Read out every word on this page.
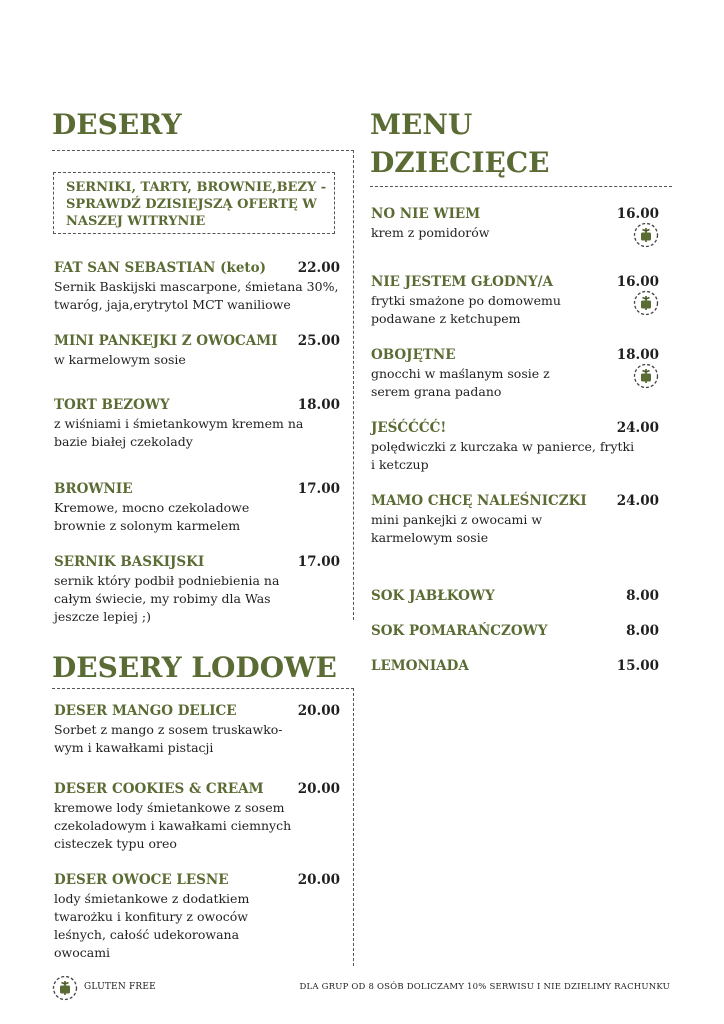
DESERY
SERNIKI, TARTY, BROWNIE,BEZY - SPRAWDŹ DZISIEJSZĄ OFERTĘ W NASZEJ WITRYNIE
FAT SAN SEBASTIAN (keto) 22.00
Sernik Baskijski mascarpone, śmietana 30%, twaróg, jaja,erytrytol MCT waniliowe
MINI PANKEJKI Z OWOCAMI 25.00
w karmelowym sosie
TORT BEZOWY	18.00
z wiśniami i śmietankowym kremem na bazie białej czekolady
BROWNIE	17.00
Kremowe, mocno czekoladowe brownie z solonym karmelem
SERNIK BASKIJSKI	17.00
sernik który podbił podniebienia na całym świecie, my robimy dla Was jeszcze lepiej ;)
DESERY LODOWE
DESER MANGO DELICE	20.00
Sorbet z mango z sosem truskawko-wym i kawałkami pistacji
DESER COOKIES & CREAM	20.00
kremowe lody śmietankowe z sosem czekoladowym i kawałkami ciemnych cisteczek typu oreo
DESER OWOCE LESNE	20.00
lody śmietankowe z dodatkiem twarożku i konfitury z owoców leśnych, całość udekorowana owocami
MENU
DZIECIĘCE
NO NIE WIEM	16.00
krem z pomidorów
NIE JESTEM GŁODNY/A	16.00
frytki smażone po domowemu podawane z ketchupem
OBOJĘTNE	18.00
gnocchi w maślanym sosie z serem grana padano
JEŚĆĆĆĆ!	24.00
polędwiczki z kurczaka w panierce, frytki i ketczup
MAMO CHCĘ NALEŚNICZKI 24.00
mini pankejki z owocami w karmelowym sosie
SOK JABŁKOWY	8.00
SOK POMARAŃCZOWY	8.00
LEMONIADA	15.00
GLUTEN FREE	DLA GRUP OD 8 OSÓB DOLICZAMY 10% SERWISU I NIE DZIELIMY RACHUNKU
